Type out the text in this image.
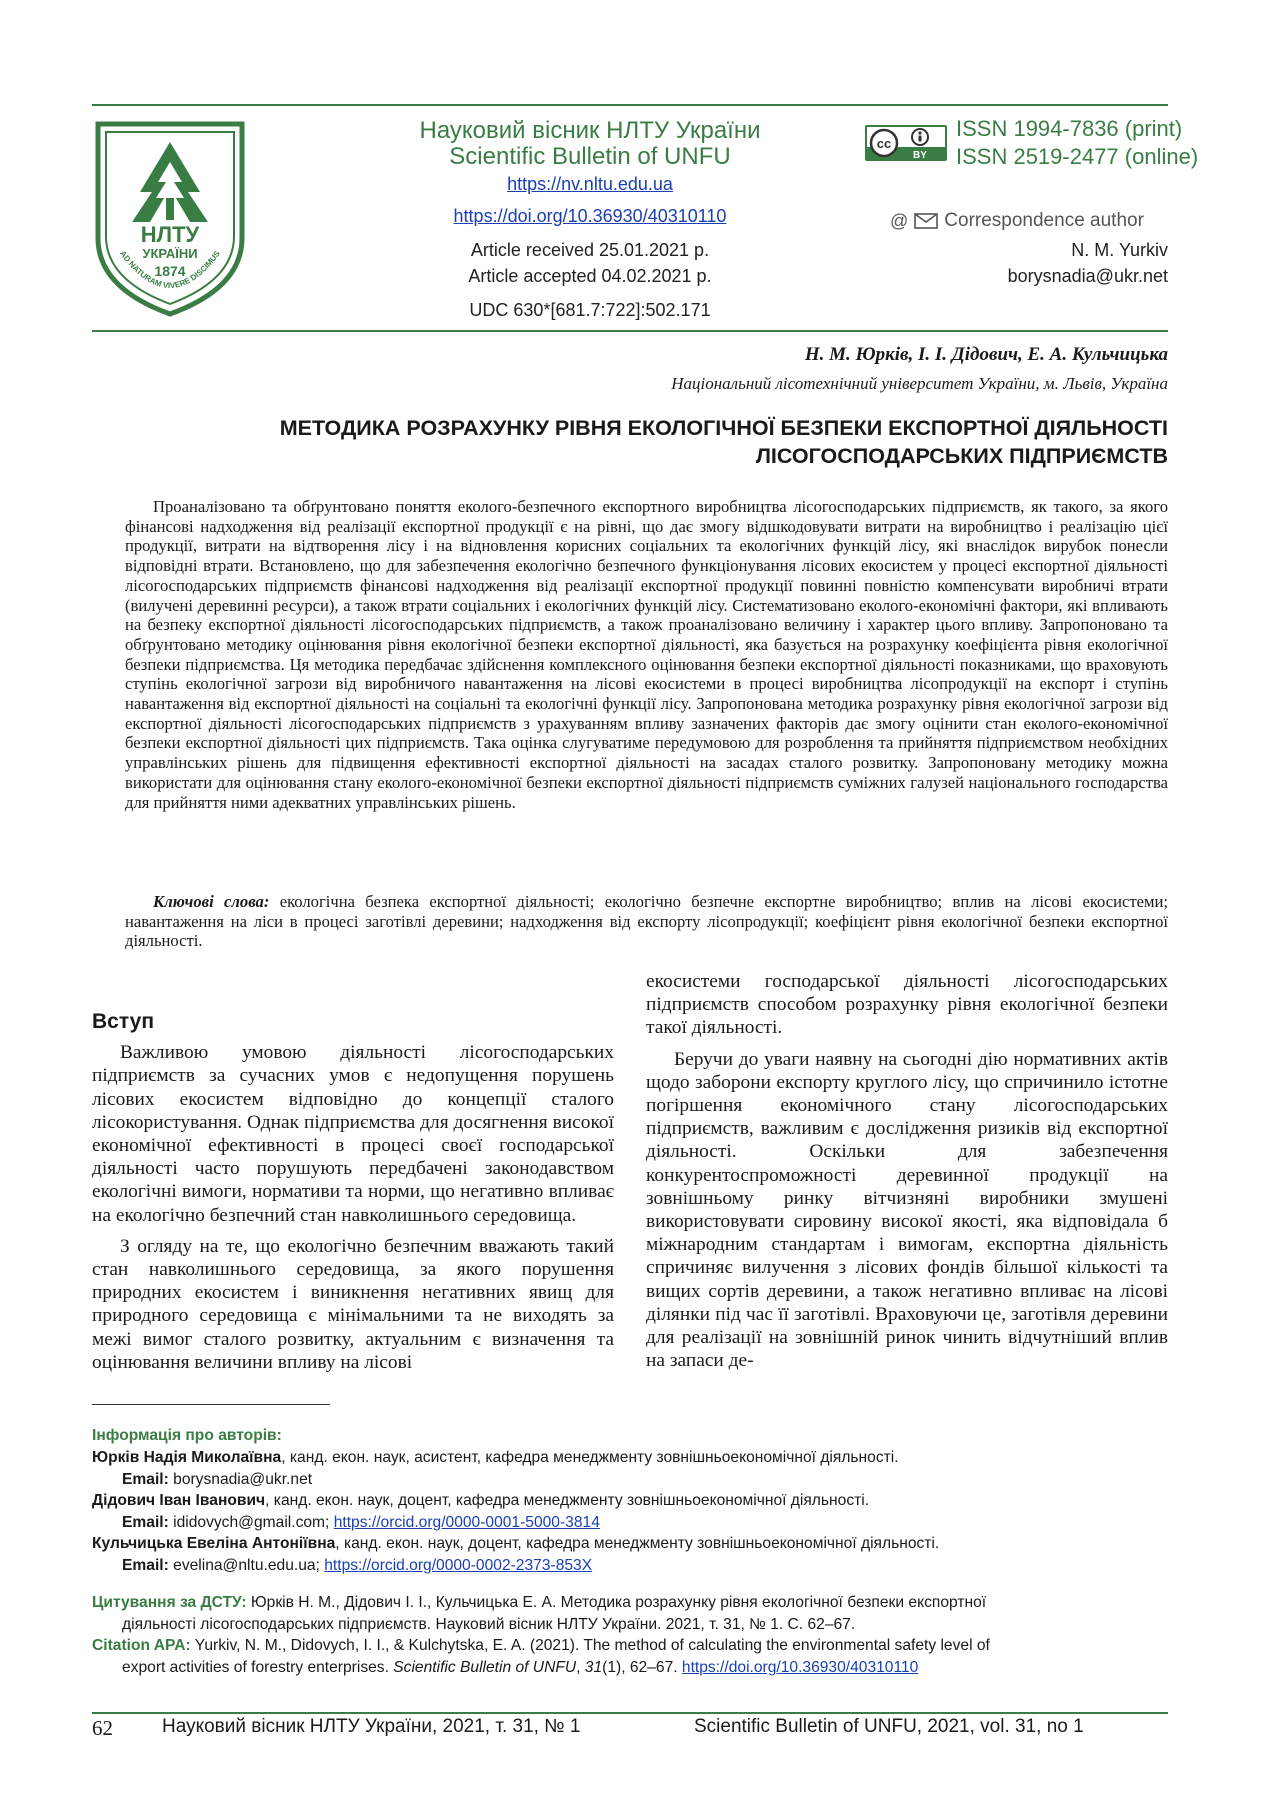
НЛТУ
УКРАЇНИ
1874
AD NATURAM VIVERE DISCIMUS
Науковий вісник НЛТУ України
Scientific Bulletin of UNFU
https://nv.nltu.edu.ua
https://doi.org/10.36930/40310110
Article received 25.01.2021 р.
Article accepted 04.02.2021 р.
UDC 630*[681.7:722]:502.171
cc
BY
ISSN 1994-7836 (print)
ISSN 2519-2477 (online)
@ Correspondence author
N. M. Yurkiv
borysnadia@ukr.net
Н. М. Юрків, І. І. Дідович, Е. А. Кульчицька
Національний лісотехнічний університет України, м. Львів, Україна
МЕТОДИКА РОЗРАХУНКУ РІВНЯ ЕКОЛОГІЧНОЇ БЕЗПЕКИ ЕКСПОРТНОЇ ДІЯЛЬНОСТІ
ЛІСОГОСПОДАРСЬКИХ ПІДПРИЄМСТВ
Проаналізовано та обґрунтовано поняття еколого-безпечного експортного виробництва лісогосподарських підприємств, як такого, за якого фінансові надходження від реалізації експортної продукції є на рівні, що дає змогу відшкодовувати витрати на виробництво і реалізацію цієї продукції, витрати на відтворення лісу і на відновлення корисних соціальних та екологічних функцій лісу, які внаслідок вирубок понесли відповідні втрати. Встановлено, що для забезпечення екологічно безпечного функціонування лісових екосистем у процесі експортної діяльності лісогосподарських підприємств фінансові надходження від реалізації експортної продукції повинні повністю компенсувати виробничі втрати (вилучені деревинні ресурси), а також втрати соціальних і екологічних функцій лісу. Систематизовано еколого-економічні фактори, які впливають на безпеку експортної діяльності лісогосподарських підприємств, а також проаналізовано величину і характер цього впливу. Запропоновано та обґрунтовано методику оцінювання рівня екологічної безпеки експортної діяльності, яка базується на розрахунку коефіцієнта рівня екологічної безпеки підприємства. Ця методика передбачає здійснення комплексного оцінювання безпеки експортної діяльності показниками, що враховують ступінь екологічної загрози від виробничого навантаження на лісові екосистеми в процесі виробництва лісопродукції на експорт і ступінь навантаження від експортної діяльності на соціальні та екологічні функції лісу. Запропонована методика розрахунку рівня екологічної загрози від експортної діяльності лісогосподарських підприємств з урахуванням впливу зазначених факторів дає змогу оцінити стан еколого-економічної безпеки експортної діяльності цих підприємств. Така оцінка слугуватиме передумовою для розроблення та прийняття підприємством необхідних управлінських рішень для підвищення ефективності експортної діяльності на засадах сталого розвитку. Запропоновану методику можна використати для оцінювання стану еколого-економічної безпеки експортної діяльності підприємств суміжних галузей національного господарства для прийняття ними адекватних управлінських рішень.
Ключові слова: екологічна безпека експортної діяльності; екологічно безпечне експортне виробництво; вплив на лісові екосистеми; навантаження на ліси в процесі заготівлі деревини; надходження від експорту лісопродукції; коефіцієнт рівня екологічної безпеки експортної діяльності.
Вступ

Важливою умовою діяльності лісогосподарських підприємств за сучасних умов є недопущення порушень лісових екосистем відповідно до концепції сталого лісокористування. Однак підприємства для досягнення високої економічної ефективності в процесі своєї господарської діяльності часто порушують передбачені законодавством екологічні вимоги, нормативи та норми, що негативно впливає на екологічно безпечний стан навколишнього середовища.

З огляду на те, що екологічно безпечним вважають такий стан навколишнього середовища, за якого порушення природних екосистем і виникнення негативних явищ для природного середовища є мінімальними та не виходять за межі вимог сталого розвитку, актуальним є визначення та оцінювання величини впливу на лісові

екосистеми господарської діяльності лісогосподарських підприємств способом розрахунку рівня екологічної безпеки такої діяльності.

Беручи до уваги наявну на сьогодні дію нормативних актів щодо заборони експорту круглого лісу, що спричинило істотне погіршення економічного стану лісогосподарських підприємств, важливим є дослідження ризиків від експортної діяльності. Оскільки для забезпечення конкурентоспроможності деревинної продукції на зовнішньому ринку вітчизняні виробники змушені використовувати сировину високої якості, яка відповідала б міжнародним стандартам і вимогам, експортна діяльність спричиняє вилучення з лісових фондів більшої кількості та вищих сортів деревини, а також негативно впливає на лісові ділянки під час її заготівлі. Враховуючи це, заготівля деревини для реалізації на зовнішній ринок чинить відчутніший вплив на запаси де-

Інформація про авторів:
Юрків Надія Миколаївна, канд. екон. наук, асистент, кафедра менеджменту зовнішньоекономічної діяльності.
Email: borysnadia@ukr.net
Дідович Іван Іванович, канд. екон. наук, доцент, кафедра менеджменту зовнішньоекономічної діяльності.
Email: ididovych@gmail.com; https://orcid.org/0000-0001-5000-3814
Кульчицька Евеліна Антоніївна, канд. екон. наук, доцент, кафедра менеджменту зовнішньоекономічної діяльності.
Email: evelina@nltu.edu.ua; https://orcid.org/0000-0002-2373-853X
Цитування за ДСТУ: Юрків Н. М., Дідович І. І., Кульчицька Е. А. Методика розрахунку рівня екологічної безпеки експортної
діяльності лісогосподарських підприємств. Науковий вісник НЛТУ України. 2021, т. 31, № 1. С. 62–67.
Citation APA: Yurkiv, N. M., Didovych, I. I., & Kulchytska, E. A. (2021). The method of calculating the environmental safety level of
export activities of forestry enterprises. Scientific Bulletin of UNFU, 31(1), 62–67. https://doi.org/10.36930/40310110
62	Науковий вісник НЛТУ України, 2021, т. 31, № 1	Scientific Bulletin of UNFU, 2021, vol. 31, no 1
